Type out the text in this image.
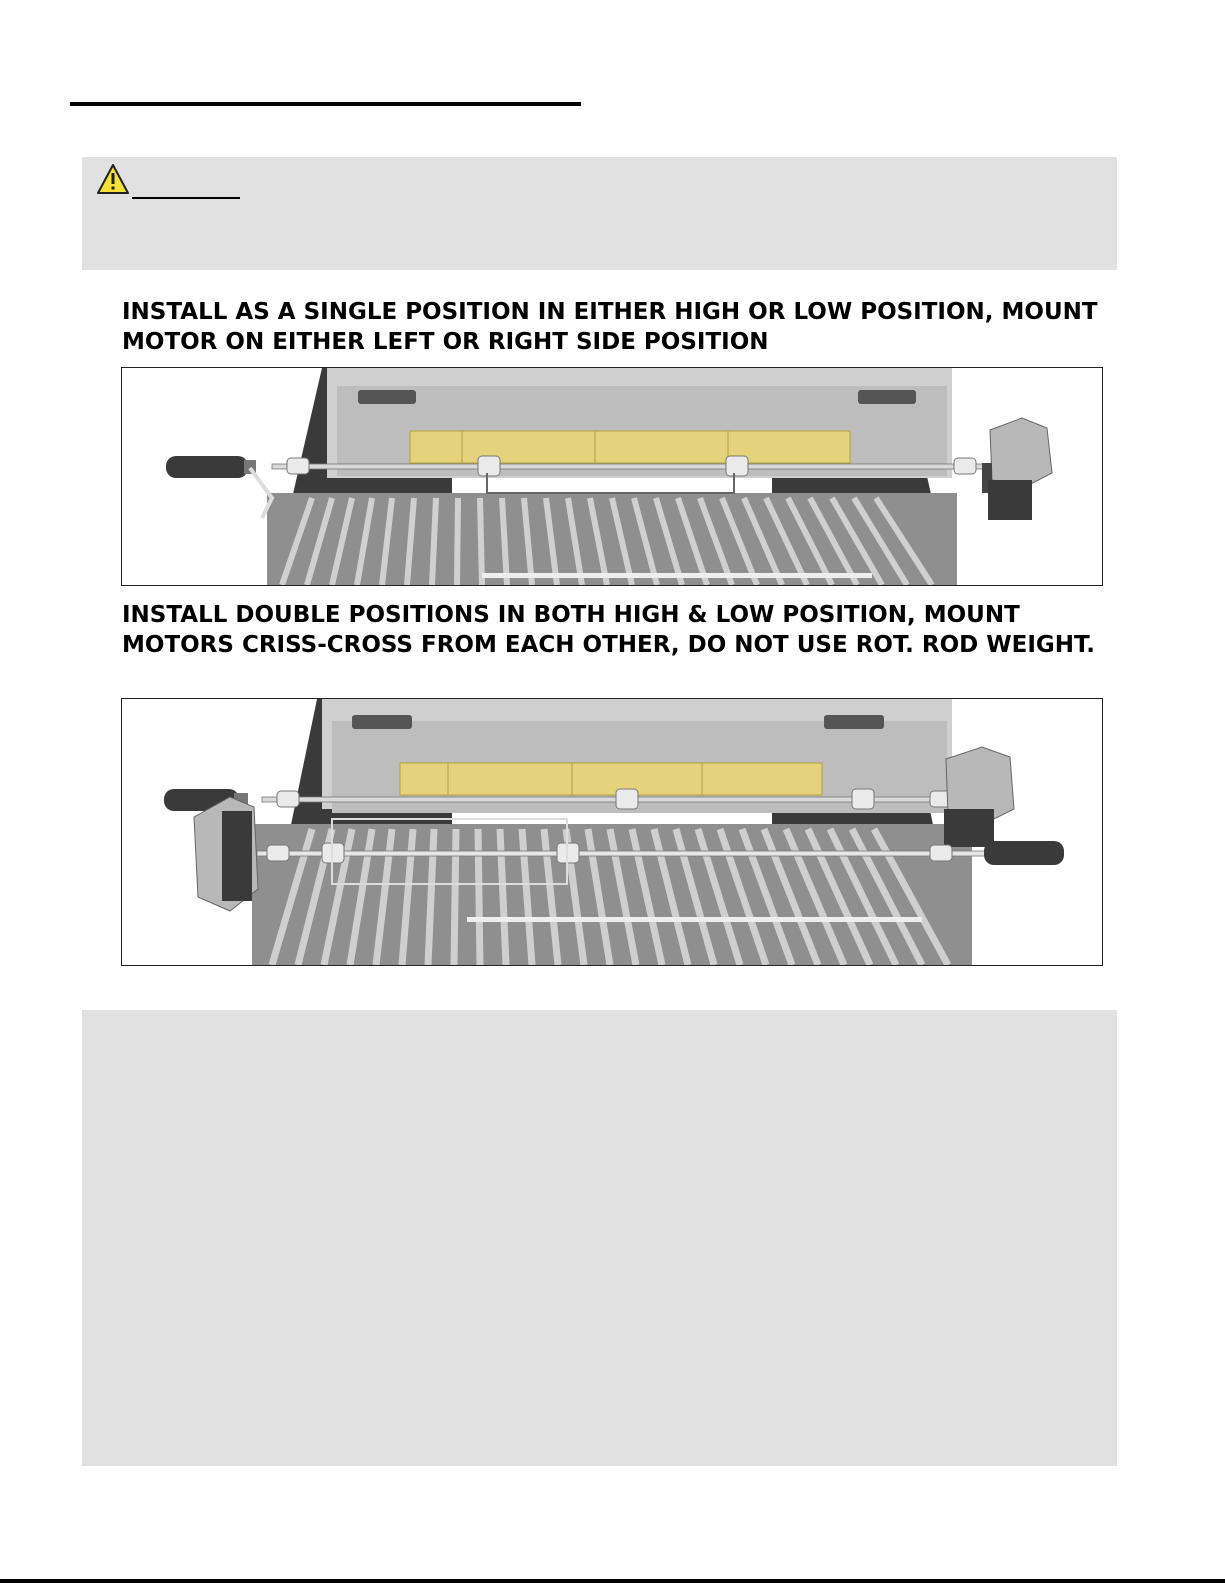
INSTALL AS A SINGLE POSITION IN EITHER HIGH OR LOW POSITION, MOUNT MOTOR ON EITHER LEFT OR RIGHT SIDE POSITION
INSTALL DOUBLE POSITIONS IN BOTH HIGH & LOW POSITION, MOUNT MOTORS CRISS-CROSS FROM EACH OTHER, DO NOT USE ROT. ROD WEIGHT.
